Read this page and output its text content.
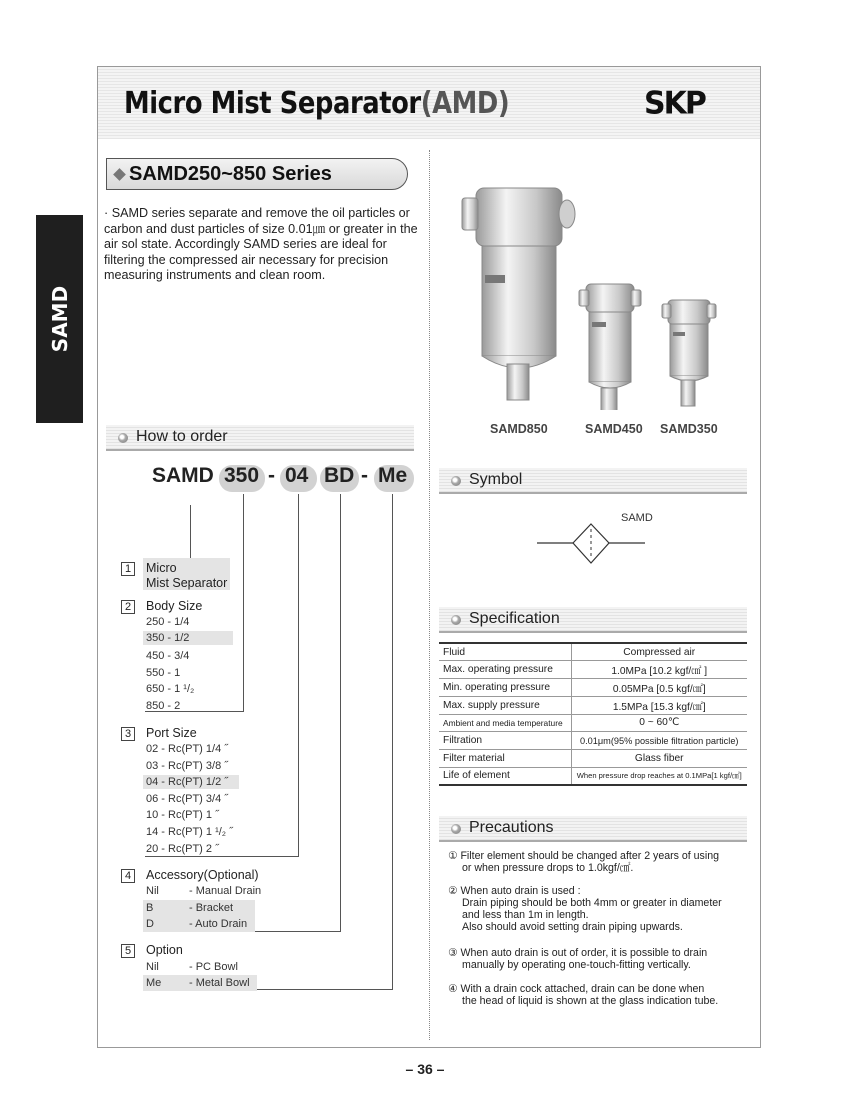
Micro Mist Separator(AMD)	SKP
SAMD
SAMD250~850 Series
· SAMD series separate and remove the oil particles or carbon and dust particles of size 0.01㎛ or greater in the air sol state. Accordingly SAMD series are ideal for filtering the compressed air necessary for precision measuring instruments and clean room.
How to order
SAMD 350 - 04 BD - Me
1	Micro
Mist Separator
2	Body Size
250 - 1/4
350 - 1/2
450 - 3/4
550 - 1
650 - 1 ¹/₂
850 - 2
3	Port Size
02 - Rc(PT) 1/4 ˝
03 - Rc(PT) 3/8 ˝
04 - Rc(PT) 1/2 ˝
06 - Rc(PT) 3/4 ˝
10 - Rc(PT) 1 ˝
14 - Rc(PT) 1 ¹/₂ ˝
20 - Rc(PT) 2 ˝
4	Accessory(Optional)
Nil	- Manual Drain
B	- Bracket
D	- Auto Drain
5	Option
Nil	- PC Bowl
Me	- Metal Bowl
SAMD850	SAMD450 SAMD350
Symbol
SAMD
Specification
Fluid	Compressed air
Max. operating pressure	1.0MPa [10.2 kgf/㎠ ]
Min. operating pressure	0.05MPa [0.5 kgf/㎠]
Max. supply pressure	1.5MPa [15.3 kgf/㎠]
Ambient and media temperature	0 ~ 60℃
Filtration	0.01μm(95% possible filtration particle)
Filter material	Glass fiber
Life of element	When pressure drop reaches at 0.1MPa[1 kgf/㎠]
Precautions
① Filter element should be changed after 2 years of using
or when pressure drops to 1.0kgf/㎠.
② When auto drain is used :
Drain piping should be both 4mm or greater in diameter
and less than 1m in length.
Also should avoid setting drain piping upwards.
③ When auto drain is out of order, it is possible to drain
manually by operating one-touch-fitting vertically.
④ With a drain cock attached, drain can be done when
the head of liquid is shown at the glass indication tube.
– 36 –
